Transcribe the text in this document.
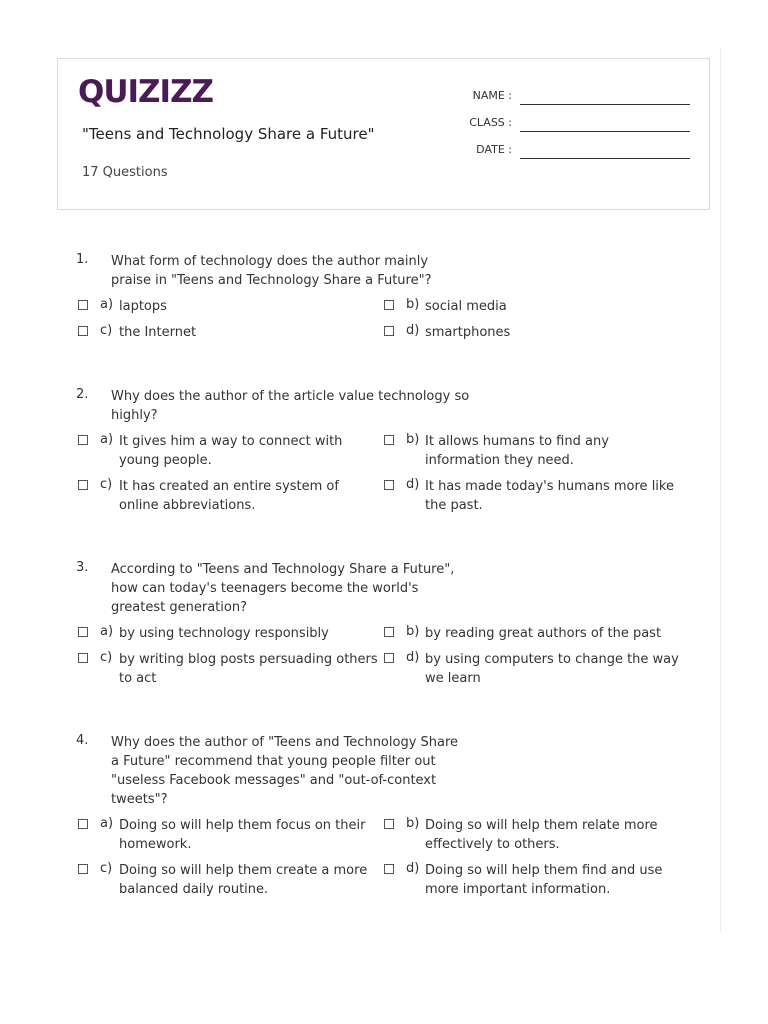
QUIZIZZ
"Teens and Technology Share a Future"
17 Questions
NAME :
CLASS :
DATE :
1. What form of technology does the author mainly praise in "Teens and Technology Share a Future"?
a) laptops	b) social media
c) the Internet	d) smartphones
2. Why does the author of the article value technology so highly?
a) It gives him a way to connect with young people.
b) It allows humans to find any information they need.
c) It has created an entire system of online abbreviations.
d) It has made today's humans more like the past.
3. According to "Teens and Technology Share a Future", how can today's teenagers become the world's greatest generation?
a) by using technology responsibly	b) by reading great authors of the past
c) by writing blog posts persuading others to act
d) by using computers to change the way we learn
4. Why does the author of "Teens and Technology Share a Future" recommend that young people filter out "useless Facebook messages" and "out-of-context tweets"?
a) Doing so will help them focus on their homework.
b) Doing so will help them relate more effectively to others.
c) Doing so will help them create a more balanced daily routine.
d) Doing so will help them find and use more important information.
